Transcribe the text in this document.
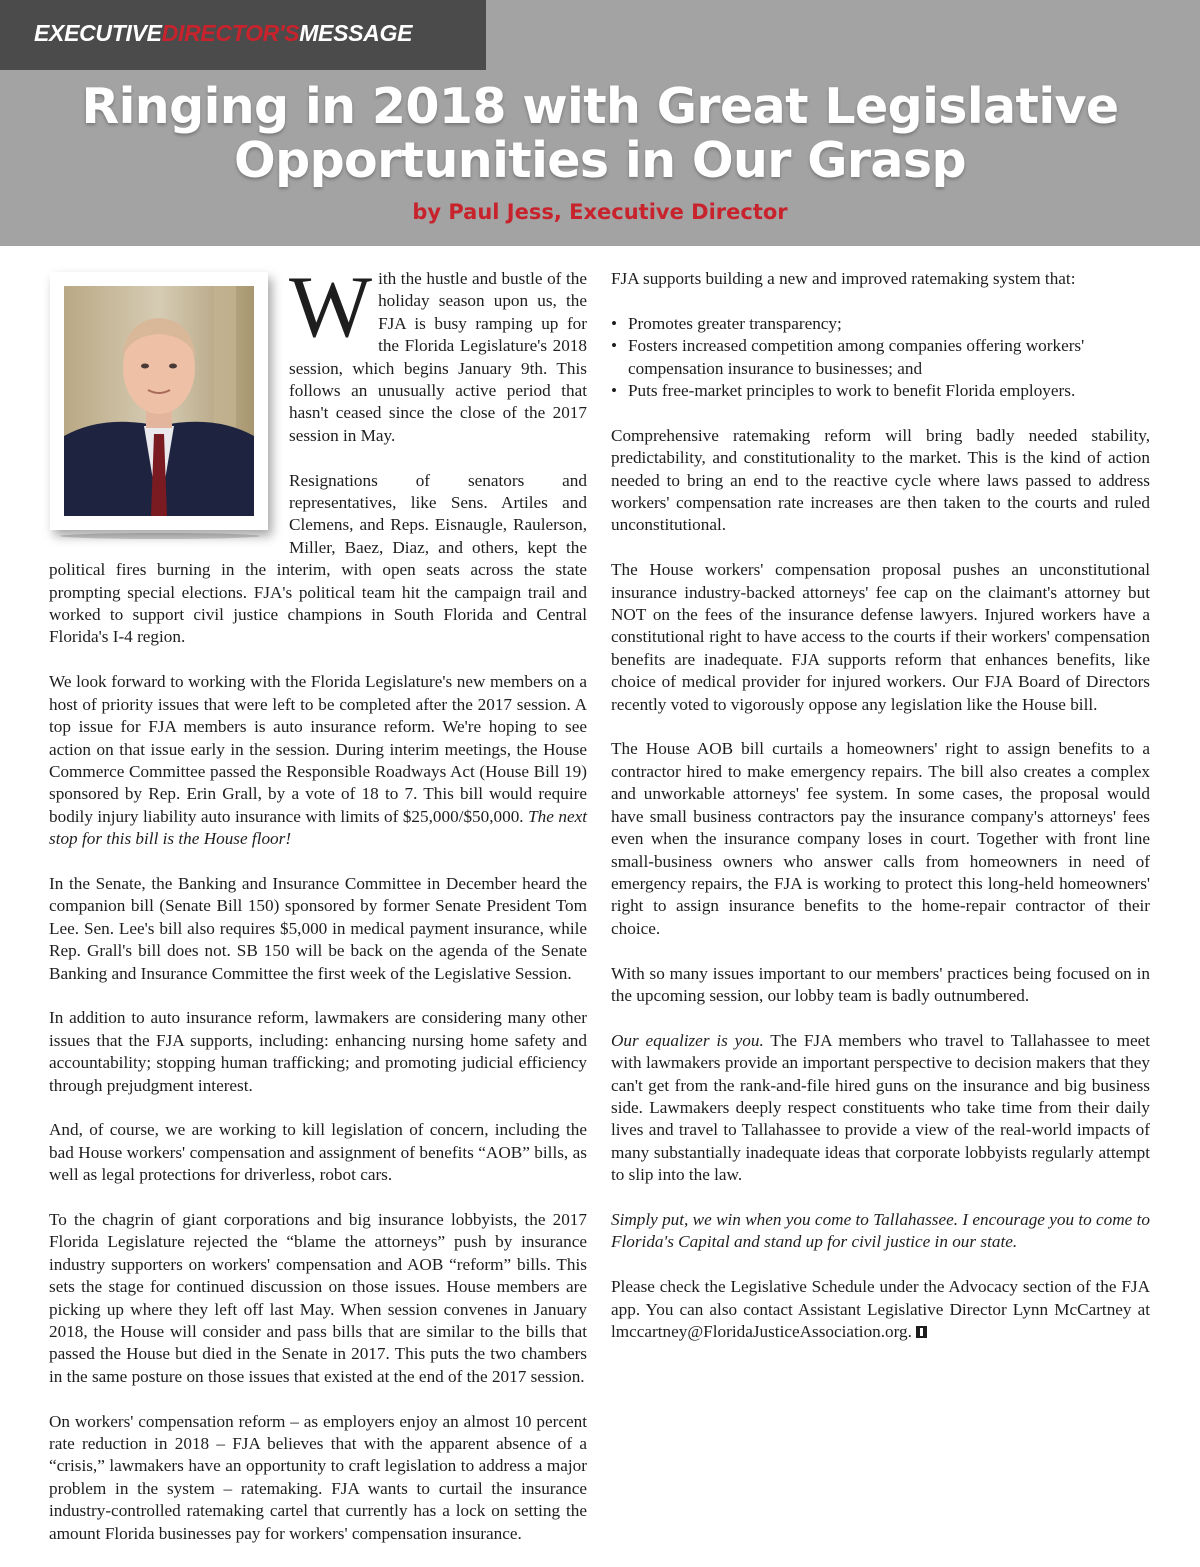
EXECUTIVEDIRECTOR'SMESSAGE
Ringing in 2018 with Great Legislative
Opportunities in Our Grasp
by Paul Jess, Executive Director

With the hustle and bustle of the holiday season upon us, the FJA is busy ramping up for the Florida Legislature's 2018 session, which begins January 9th. This follows an unusually active period that hasn't ceased since the close of the 2017 session in May.

Resignations of senators and representatives, like Sens. Artiles and Clemens, and Reps. Eisnaugle, Raulerson, Miller, Baez, Diaz, and others, kept the political fires burning in the interim, with open seats across the state prompting special elections. FJA's political team hit the campaign trail and worked to support civil justice champions in South Florida and Central Florida's I-4 region.

We look forward to working with the Florida Legislature's new members on a host of priority issues that were left to be completed after the 2017 session. A top issue for FJA members is auto insurance reform. We're hoping to see action on that issue early in the session. During interim meetings, the House Commerce Committee passed the Responsible Roadways Act (House Bill 19) sponsored by Rep. Erin Grall, by a vote of 18 to 7. This bill would require bodily injury liability auto insurance with limits of $25,000/$50,000. The next stop for this bill is the House floor!

In the Senate, the Banking and Insurance Committee in December heard the companion bill (Senate Bill 150) sponsored by former Senate President Tom Lee. Sen. Lee's bill also requires $5,000 in medical payment insurance, while Rep. Grall's bill does not. SB 150 will be back on the agenda of the Senate Banking and Insurance Committee the first week of the Legislative Session.

In addition to auto insurance reform, lawmakers are considering many other issues that the FJA supports, including: enhancing nursing home safety and accountability; stopping human trafficking; and promoting judicial efficiency through prejudgment interest.

And, of course, we are working to kill legislation of concern, including the bad House workers' compensation and assignment of benefits “AOB” bills, as well as legal protections for driverless, robot cars.

To the chagrin of giant corporations and big insurance lobbyists, the 2017 Florida Legislature rejected the “blame the attorneys” push by insurance industry supporters on workers' compensation and AOB “reform” bills. This sets the stage for continued discussion on those issues. House members are picking up where they left off last May. When session convenes in January 2018, the House will consider and pass bills that are similar to the bills that passed the House but died in the Senate in 2017. This puts the two chambers in the same posture on those issues that existed at the end of the 2017 session.

On workers' compensation reform – as employers enjoy an almost 10 percent rate reduction in 2018 – FJA believes that with the apparent absence of a “crisis,” lawmakers have an opportunity to craft legislation to address a major problem in the system – ratemaking. FJA wants to curtail the insurance industry-controlled ratemaking cartel that currently has a lock on setting the amount Florida businesses pay for workers' compensation insurance.

FJA supports building a new and improved ratemaking system that:

• Promotes greater transparency;
• Fosters increased competition among companies offering workers' compensation insurance to businesses; and
• Puts free-market principles to work to benefit Florida employers.

Comprehensive ratemaking reform will bring badly needed stability, predictability, and constitutionality to the market. This is the kind of action needed to bring an end to the reactive cycle where laws passed to address workers' compensation rate increases are then taken to the courts and ruled unconstitutional.

The House workers' compensation proposal pushes an unconstitutional insurance industry-backed attorneys' fee cap on the claimant's attorney but NOT on the fees of the insurance defense lawyers. Injured workers have a constitutional right to have access to the courts if their workers' compensation benefits are inadequate. FJA supports reform that enhances benefits, like choice of medical provider for injured workers. Our FJA Board of Directors recently voted to vigorously oppose any legislation like the House bill.

The House AOB bill curtails a homeowners' right to assign benefits to a contractor hired to make emergency repairs. The bill also creates a complex and unworkable attorneys' fee system. In some cases, the proposal would have small business contractors pay the insurance company's attorneys' fees even when the insurance company loses in court. Together with front line small-business owners who answer calls from homeowners in need of emergency repairs, the FJA is working to protect this long-held homeowners' right to assign insurance benefits to the home-repair contractor of their choice.

With so many issues important to our members' practices being focused on in the upcoming session, our lobby team is badly outnumbered.

Our equalizer is you. The FJA members who travel to Tallahassee to meet with lawmakers provide an important perspective to decision makers that they can't get from the rank-and-file hired guns on the insurance and big business side. Lawmakers deeply respect constituents who take time from their daily lives and travel to Tallahassee to provide a view of the real-world impacts of many substantially inadequate ideas that corporate lobbyists regularly attempt to slip into the law.

Simply put, we win when you come to Tallahassee. I encourage you to come to Florida's Capital and stand up for civil justice in our state.

Please check the Legislative Schedule under the Advocacy section of the FJA app. You can also contact Assistant Legislative Director Lynn McCartney at lmccartney@FloridaJusticeAssociation.org.
